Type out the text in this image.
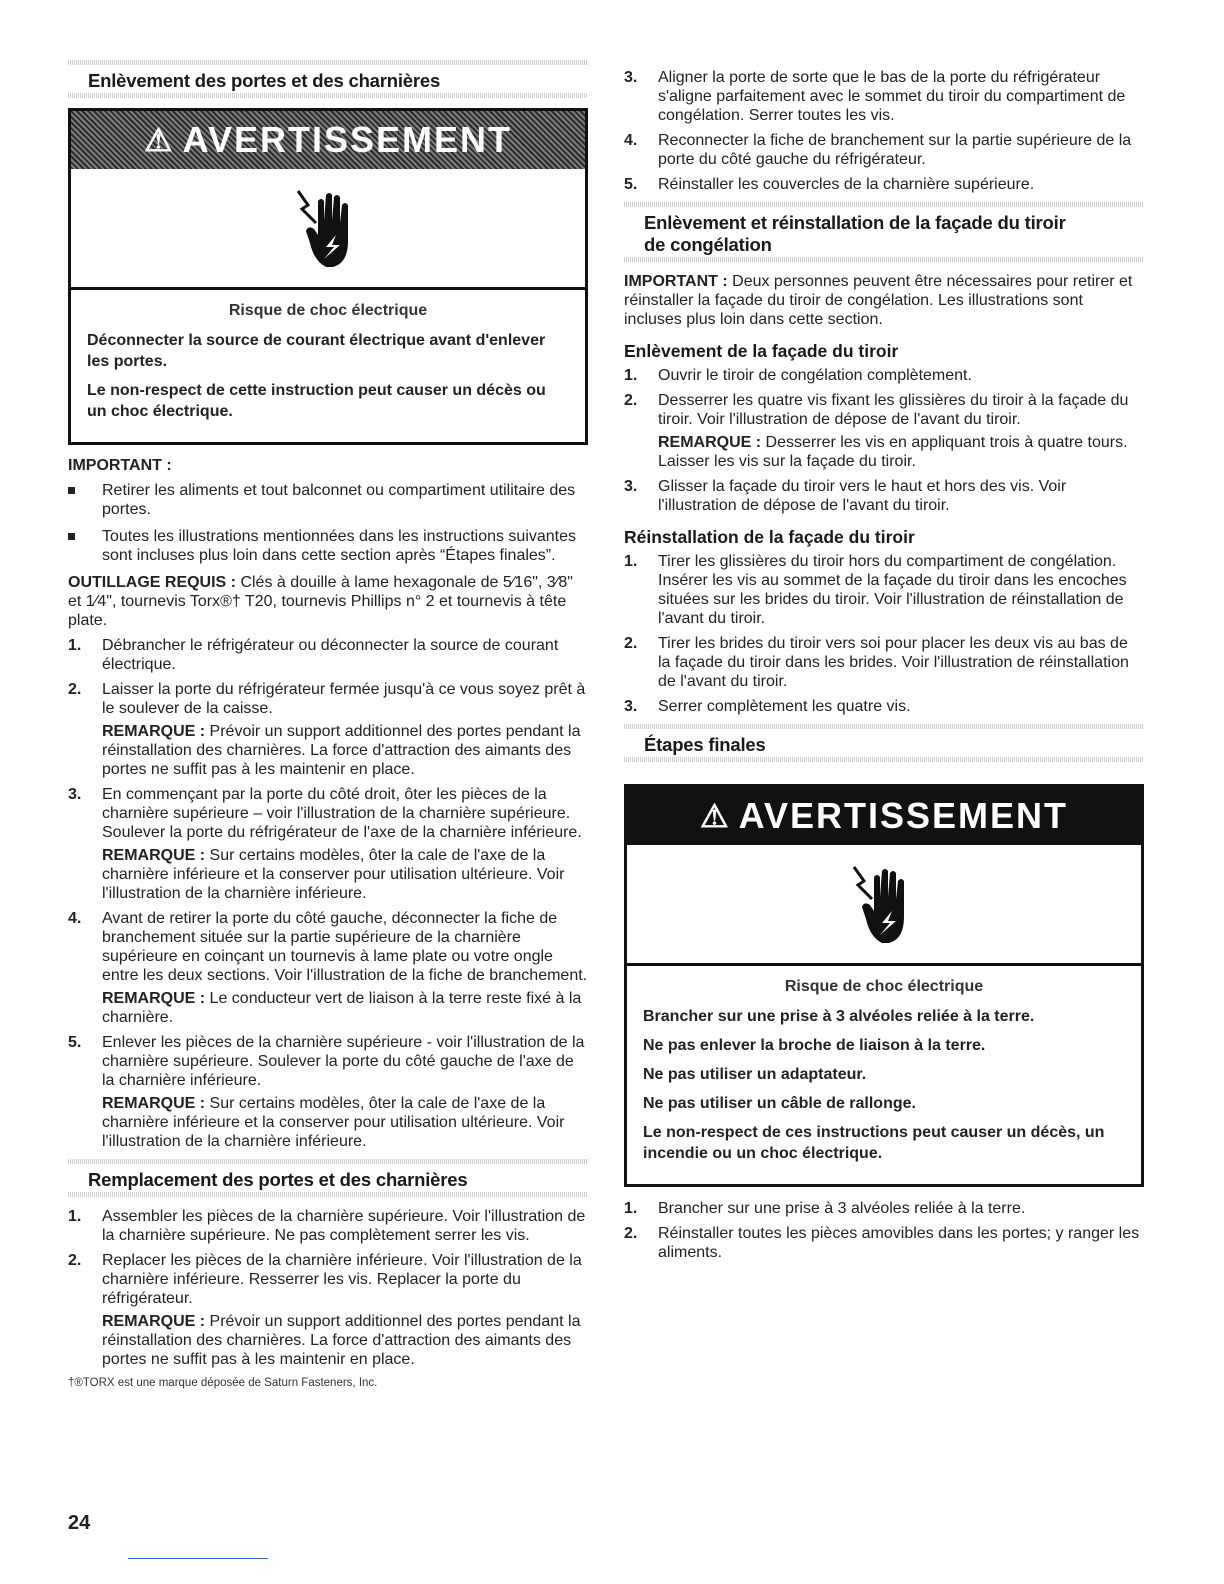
Enlèvement des portes et des charnières
⚠ AVERTISSEMENT
Risque de choc électrique

Déconnecter la source de courant électrique avant d'enlever les portes.

Le non-respect de cette instruction peut causer un décès ou un choc électrique.

IMPORTANT :
Retirer les aliments et tout balconnet ou compartiment utilitaire des portes.
Toutes les illustrations mentionnées dans les instructions suivantes sont incluses plus loin dans cette section après “Étapes finales”.

OUTILLAGE REQUIS : Clés à douille à lame hexagonale de 5⁄16", 3⁄8" et 1⁄4", tournevis Torx®† T20, tournevis Phillips n° 2 et tournevis à tête plate.

1. Débrancher le réfrigérateur ou déconnecter la source de courant électrique.
2. Laisser la porte du réfrigérateur fermée jusqu'à ce vous soyez prêt à le soulever de la caisse.
REMARQUE : Prévoir un support additionnel des portes pendant la réinstallation des charnières. La force d'attraction des aimants des portes ne suffit pas à les maintenir en place.
3. En commençant par la porte du côté droit, ôter les pièces de la charnière supérieure – voir l'illustration de la charnière supérieure. Soulever la porte du réfrigérateur de l'axe de la charnière inférieure.
REMARQUE : Sur certains modèles, ôter la cale de l'axe de la charnière inférieure et la conserver pour utilisation ultérieure. Voir l'illustration de la charnière inférieure.
4. Avant de retirer la porte du côté gauche, déconnecter la fiche de branchement située sur la partie supérieure de la charnière supérieure en coinçant un tournevis à lame plate ou votre ongle entre les deux sections. Voir l'illustration de la fiche de branchement.
REMARQUE : Le conducteur vert de liaison à la terre reste fixé à la charnière.
5. Enlever les pièces de la charnière supérieure - voir l'illustration de la charnière supérieure. Soulever la porte du côté gauche de l'axe de la charnière inférieure.
REMARQUE : Sur certains modèles, ôter la cale de l'axe de la charnière inférieure et la conserver pour utilisation ultérieure. Voir l'illustration de la charnière inférieure.
Remplacement des portes et des charnières
1. Assembler les pièces de la charnière supérieure. Voir l'illustration de la charnière supérieure. Ne pas complètement serrer les vis.
2. Replacer les pièces de la charnière inférieure. Voir l'illustration de la charnière inférieure. Resserrer les vis. Replacer la porte du réfrigérateur.
REMARQUE : Prévoir un support additionnel des portes pendant la réinstallation des charnières. La force d'attraction des aimants des portes ne suffit pas à les maintenir en place.
†®TORX est une marque déposée de Saturn Fasteners, Inc.
24
3. Aligner la porte de sorte que le bas de la porte du réfrigérateur s'aligne parfaitement avec le sommet du tiroir du compartiment de congélation. Serrer toutes les vis.
4. Reconnecter la fiche de branchement sur la partie supérieure de la porte du côté gauche du réfrigérateur.
5. Réinstaller les couvercles de la charnière supérieure.
Enlèvement et réinstallation de la façade du tiroir
de congélation

IMPORTANT : Deux personnes peuvent être nécessaires pour retirer et réinstaller la façade du tiroir de congélation. Les illustrations sont incluses plus loin dans cette section.

Enlèvement de la façade du tiroir
1. Ouvrir le tiroir de congélation complètement.
2. Desserrer les quatre vis fixant les glissières du tiroir à la façade du tiroir. Voir l'illustration de dépose de l'avant du tiroir.
REMARQUE : Desserrer les vis en appliquant trois à quatre tours. Laisser les vis sur la façade du tiroir.
3. Glisser la façade du tiroir vers le haut et hors des vis. Voir l'illustration de dépose de l'avant du tiroir.
Réinstallation de la façade du tiroir
1. Tirer les glissières du tiroir hors du compartiment de congélation. Insérer les vis au sommet de la façade du tiroir dans les encoches situées sur les brides du tiroir. Voir l'illustration de réinstallation de l'avant du tiroir.
2. Tirer les brides du tiroir vers soi pour placer les deux vis au bas de la façade du tiroir dans les brides. Voir l'illustration de réinstallation de l'avant du tiroir.
3. Serrer complètement les quatre vis.
Étapes finales
⚠ AVERTISSEMENT
Risque de choc électrique

Brancher sur une prise à 3 alvéoles reliée à la terre.

Ne pas enlever la broche de liaison à la terre.

Ne pas utiliser un adaptateur.

Ne pas utiliser un câble de rallonge.

Le non-respect de ces instructions peut causer un décès, un incendie ou un choc électrique.

1. Brancher sur une prise à 3 alvéoles reliée à la terre.
2. Réinstaller toutes les pièces amovibles dans les portes; y ranger les aliments.
